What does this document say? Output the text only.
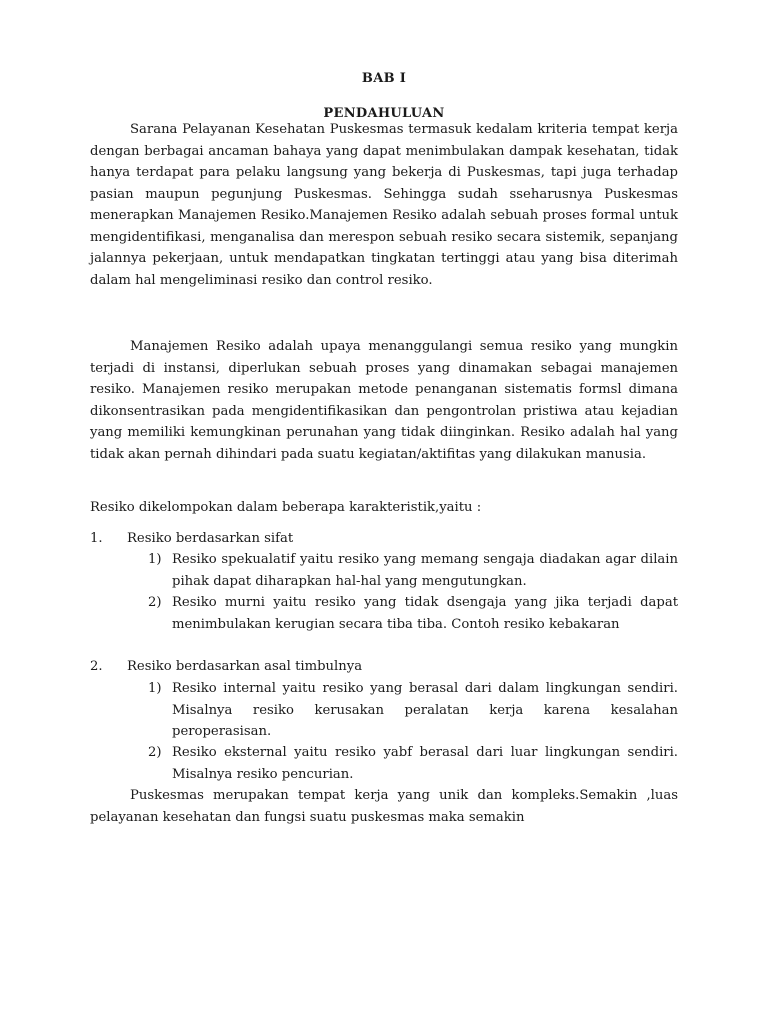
BAB I
PENDAHULUAN

Sarana Pelayanan Kesehatan Puskesmas termasuk kedalam kriteria tempat kerja dengan berbagai ancaman bahaya yang dapat menimbulakan dampak kesehatan, tidak hanya terdapat para pelaku langsung yang bekerja di Puskesmas, tapi juga terhadap pasian maupun pegunjung Puskesmas. Sehingga sudah sseharusnya Puskesmas menerapkan Manajemen Resiko.Manajemen Resiko adalah sebuah proses formal untuk mengidentifikasi, menganalisa dan merespon sebuah resiko secara sistemik, sepanjang jalannya pekerjaan, untuk mendapatkan tingkatan tertinggi atau yang bisa diterimah dalam hal mengeliminasi resiko dan control resiko.

Manajemen Resiko adalah upaya menanggulangi semua resiko yang mungkin terjadi di instansi, diperlukan sebuah proses yang dinamakan sebagai manajemen resiko. Manajemen resiko merupakan metode penanganan sistematis formsl dimana dikonsentrasikan pada mengidentifikasikan dan pengontrolan pristiwa atau kejadian yang memiliki kemungkinan perunahan yang tidak diinginkan. Resiko adalah hal yang tidak akan pernah dihindari pada suatu kegiatan/aktifitas yang dilakukan manusia.

Resiko dikelompokan dalam beberapa karakteristik,yaitu :

1. Resiko berdasarkan sifat
1) Resiko spekualatif yaitu resiko yang memang sengaja diadakan agar dilain pihak dapat diharapkan hal-hal yang mengutungkan.
2) Resiko murni yaitu resiko yang tidak dsengaja yang jika terjadi dapat menimbulakan kerugian secara tiba tiba. Contoh resiko kebakaran
2. Resiko berdasarkan asal timbulnya
1) Resiko internal yaitu resiko yang berasal dari dalam lingkungan sendiri. Misalnya resiko kerusakan peralatan kerja karena kesalahan peroperasisan.
2) Resiko eksternal yaitu resiko yabf berasal dari luar lingkungan sendiri. Misalnya resiko pencurian.

Puskesmas merupakan tempat kerja yang unik dan kompleks.Semakin ,luas pelayanan kesehatan dan fungsi suatu puskesmas maka semakin
